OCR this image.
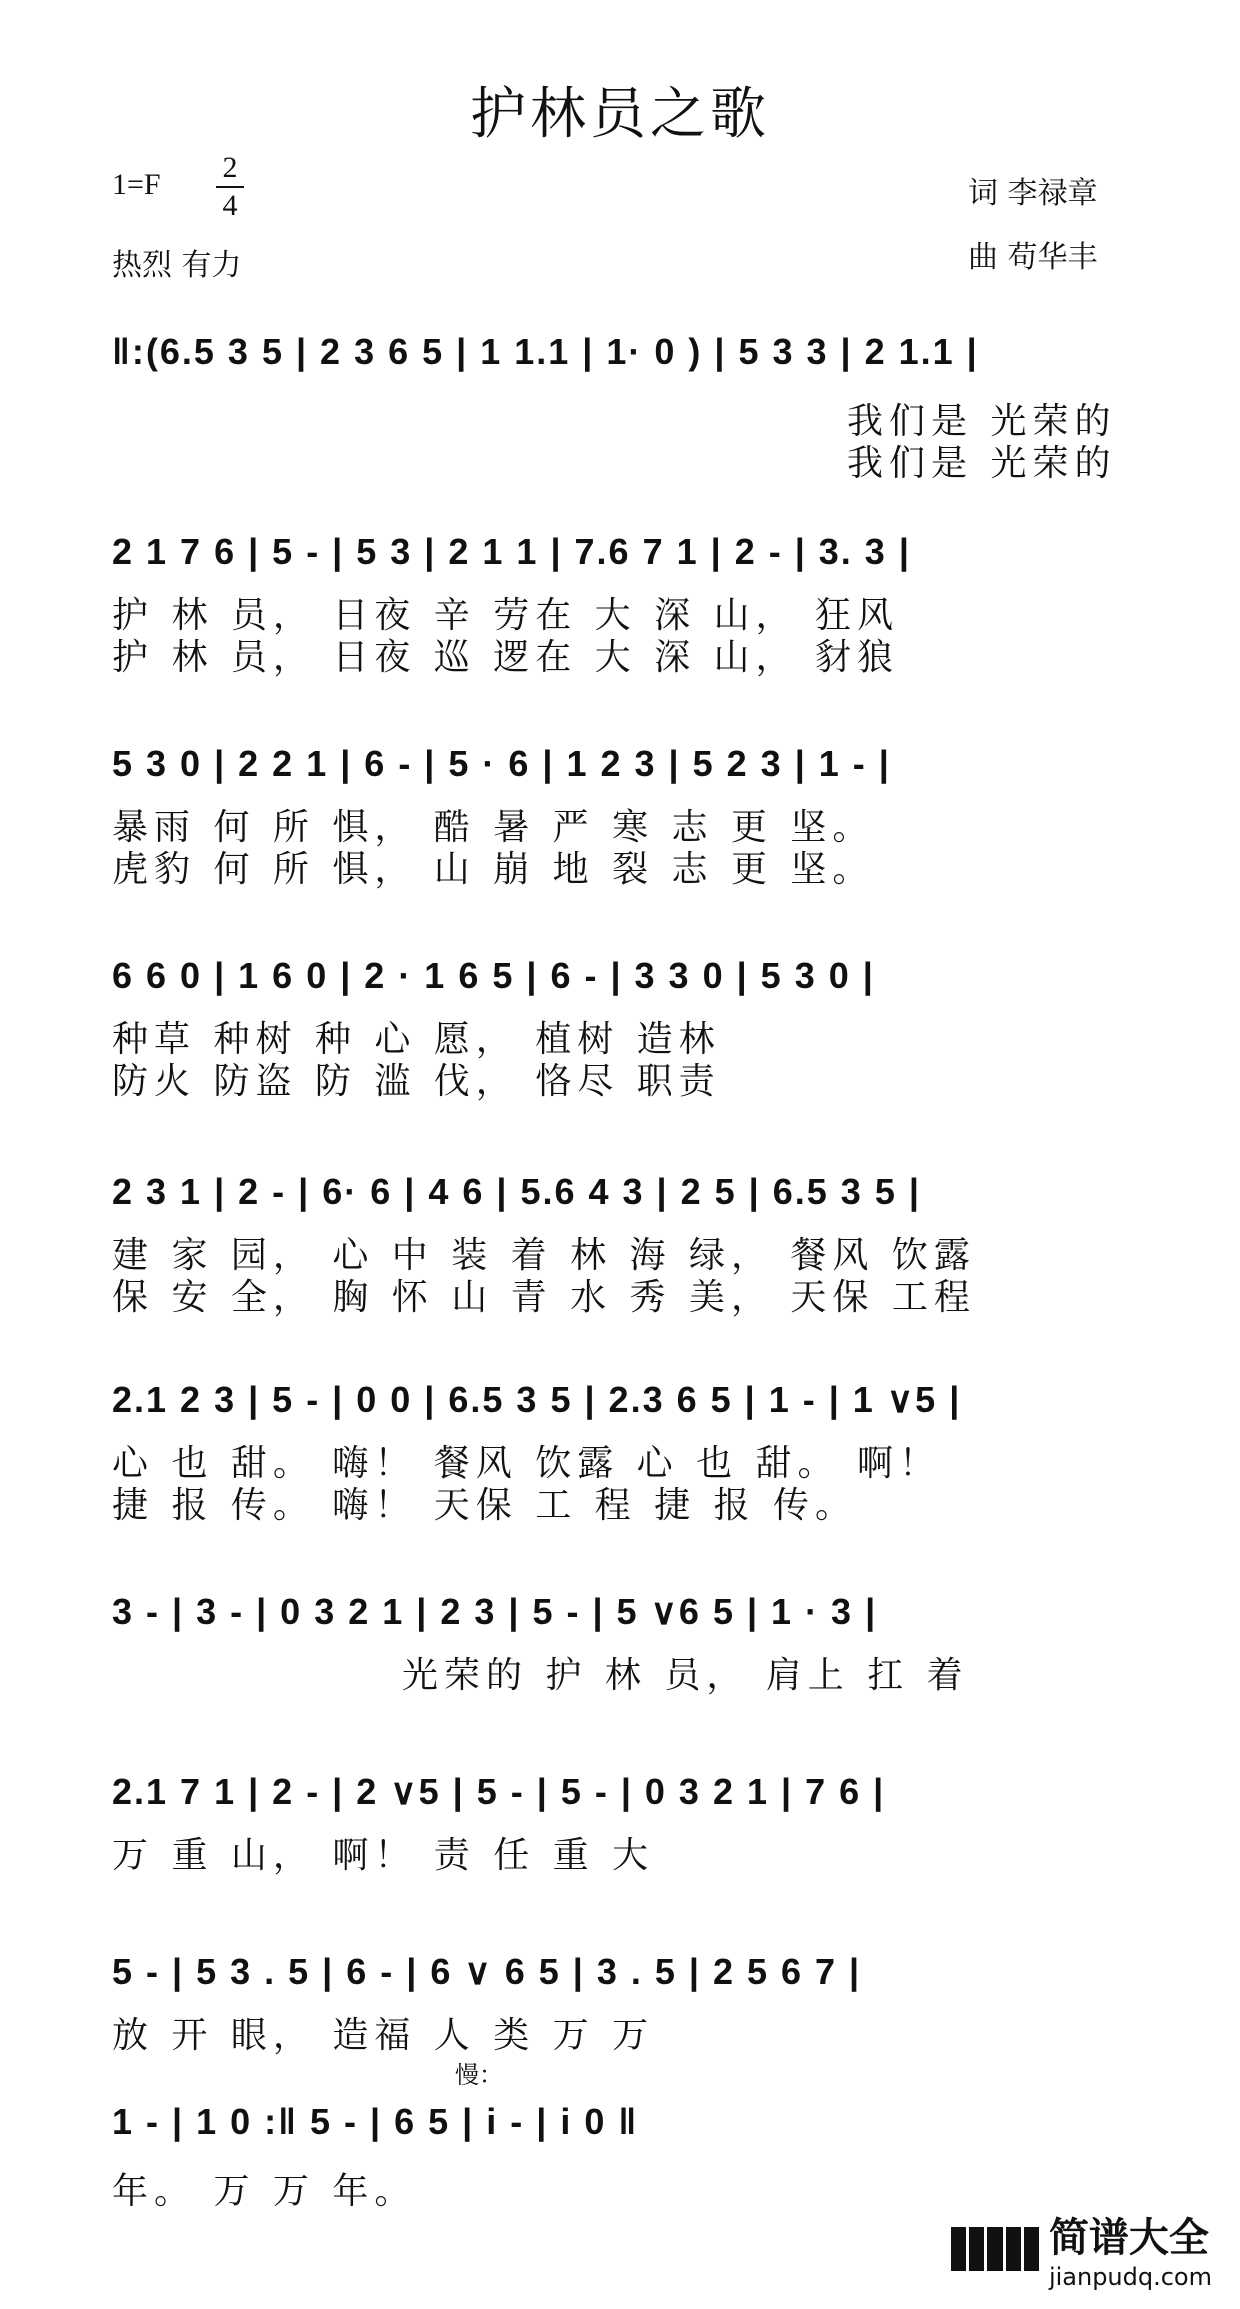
护林员之歌
1=F
2
4
热烈 有力
词 李禄章
曲 苟华丰
‖:(6.5 3 5 | 2 3 6 5 | 1 1.1 | 1· 0 ) | 5 3 3 | 2 1.1 |
我们是 光荣的
我们是 光荣的
2 1 7 6 | 5 - | 5 3 | 2 1 1 | 7.6 7 1 | 2 - | 3. 3 |
护 林 员， 日夜 辛 劳在 大 深 山， 狂风
护 林 员， 日夜 巡 逻在 大 深 山， 豺狼
5 3 0 | 2 2 1 | 6 - | 5 · 6 | 1 2 3 | 5 2 3 | 1 - |
暴雨 何 所 惧， 酷 暑 严 寒 志 更 坚。
虎豹 何 所 惧， 山 崩 地 裂 志 更 坚。
6 6 0 | 1 6 0 | 2 · 1 6 5 | 6 - | 3 3 0 | 5 3 0 |
种草 种树 种 心 愿， 植树 造林
防火 防盗 防 滥 伐， 恪尽 职责
2 3 1 | 2 - | 6· 6 | 4 6 | 5.6 4 3 | 2 5 | 6.5 3 5 |
建 家 园， 心 中 装 着 林 海 绿， 餐风 饮露
保 安 全， 胸 怀 山 青 水 秀 美， 天保 工程
2.1 2 3 | 5 - | 0 0 | 6.5 3 5 | 2.3 6 5 | 1 - | 1 ∨5 |
心 也 甜。 嗨！ 餐风 饮露 心 也 甜。 啊！
捷 报 传。 嗨！ 天保 工 程 捷 报 传。
3 - | 3 - | 0 3 2 1 | 2 3 | 5 - | 5 ∨6 5 | 1 · 3 |
光荣的 护 林 员， 肩上 扛 着
2.1 7 1 | 2 - | 2 ∨5 | 5 - | 5 - | 0 3 2 1 | 7 6 |
万 重 山， 啊！ 责 任 重 大
5 - | 5 3 . 5 | 6 - | 6 ∨ 6 5 | 3 . 5 | 2 5 6 7 |
放 开 眼， 造福 人 类 万 万
慢：
1 - | 1 0 :‖ 5 - | 6 5 | i - | i 0 ‖
年。 万 万 年。
简谱大全
jianpudq.com
